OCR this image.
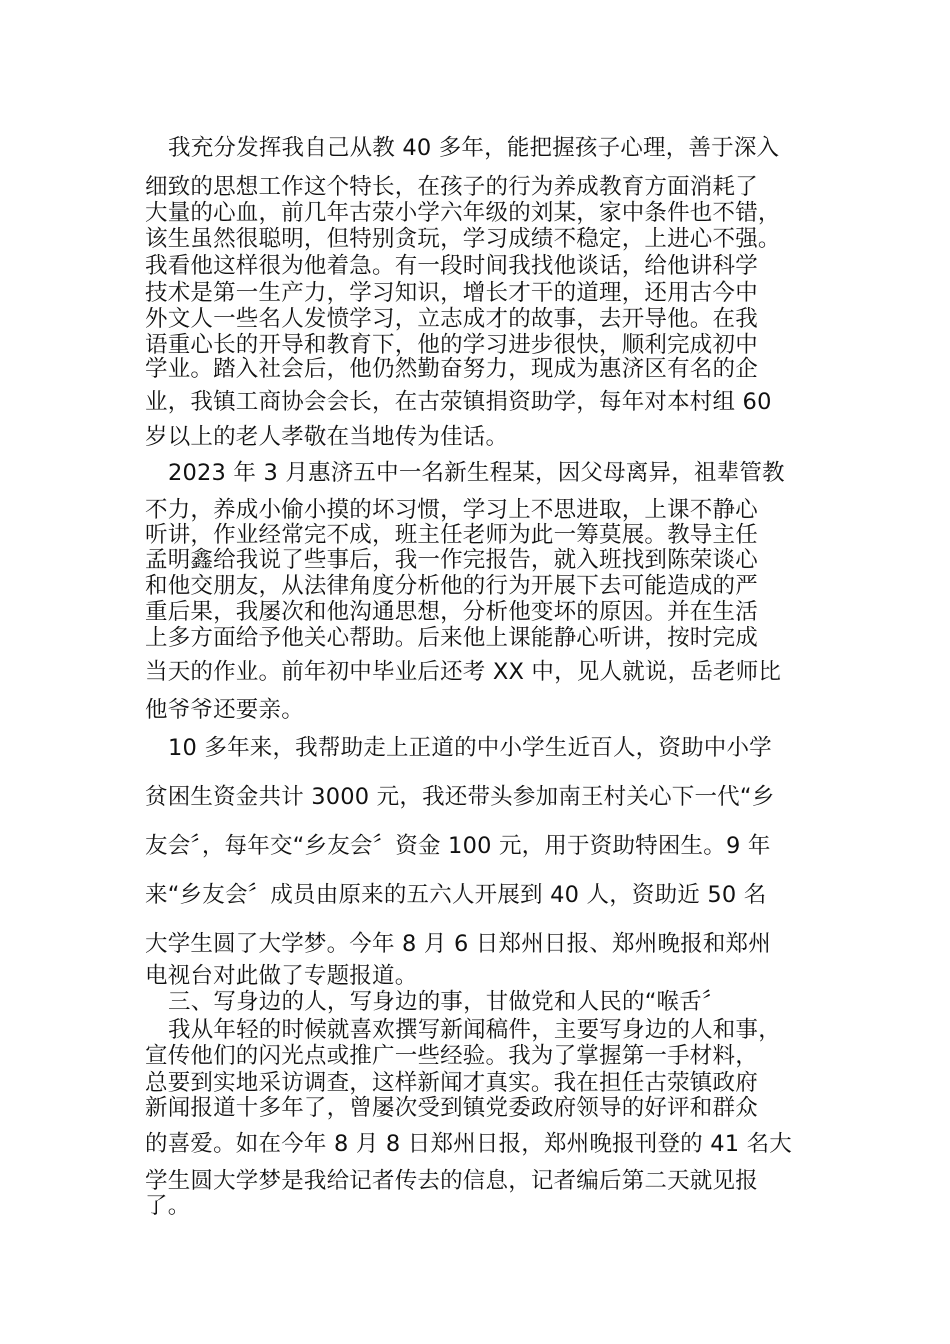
我充分发挥我自己从教 40 多年，能把握孩子心理，善于深入
细致的思想工作这个特长，在孩子的行为养成教育方面消耗了
大量的心血，前几年古荥小学六年级的刘某，家中条件也不错，
该生虽然很聪明，但特别贪玩，学习成绩不稳定，上进心不强。
我看他这样很为他着急。有一段时间我找他谈话，给他讲科学
技术是第一生产力，学习知识，增长才干的道理，还用古今中
外文人一些名人发愤学习，立志成才的故事，去开导他。在我
语重心长的开导和教育下，他的学习进步很快，顺利完成初中
学业。踏入社会后，他仍然勤奋努力，现成为惠济区有名的企
业，我镇工商协会会长，在古荥镇捐资助学，每年对本村组 60
岁以上的老人孝敬在当地传为佳话。
2023 年 3 月惠济五中一名新生程某，因父母离异，祖辈管教
不力，养成小偷小摸的坏习惯，学习上不思进取，上课不静心
听讲，作业经常完不成，班主任老师为此一筹莫展。教导主任
孟明鑫给我说了些事后，我一作完报告，就入班找到陈荣谈心
和他交朋友，从法律角度分析他的行为开展下去可能造成的严
重后果，我屡次和他沟通思想，分析他变坏的原因。并在生活
上多方面给予他关心帮助。后来他上课能静心听讲，按时完成
当天的作业。前年初中毕业后还考 XX 中，见人就说，岳老师比
他爷爷还要亲。
10 多年来，我帮助走上正道的中小学生近百人，资助中小学
贫困生资金共计 3000 元，我还带头参加南王村关心下一代“乡
友会〞，每年交“乡友会〞资金 100 元，用于资助特困生。9 年
来“乡友会〞成员由原来的五六人开展到 40 人，资助近 50 名
大学生圆了大学梦。今年 8 月 6 日郑州日报、郑州晚报和郑州
电视台对此做了专题报道。
三、写身边的人，写身边的事，甘做党和人民的“喉舌〞
我从年轻的时候就喜欢撰写新闻稿件，主要写身边的人和事，
宣传他们的闪光点或推广一些经验。我为了掌握第一手材料，
总要到实地采访调查，这样新闻才真实。我在担任古荥镇政府
新闻报道十多年了，曾屡次受到镇党委政府领导的好评和群众
的喜爱。如在今年 8 月 8 日郑州日报，郑州晚报刊登的 41 名大
学生圆大学梦是我给记者传去的信息，记者编后第二天就见报
了。
